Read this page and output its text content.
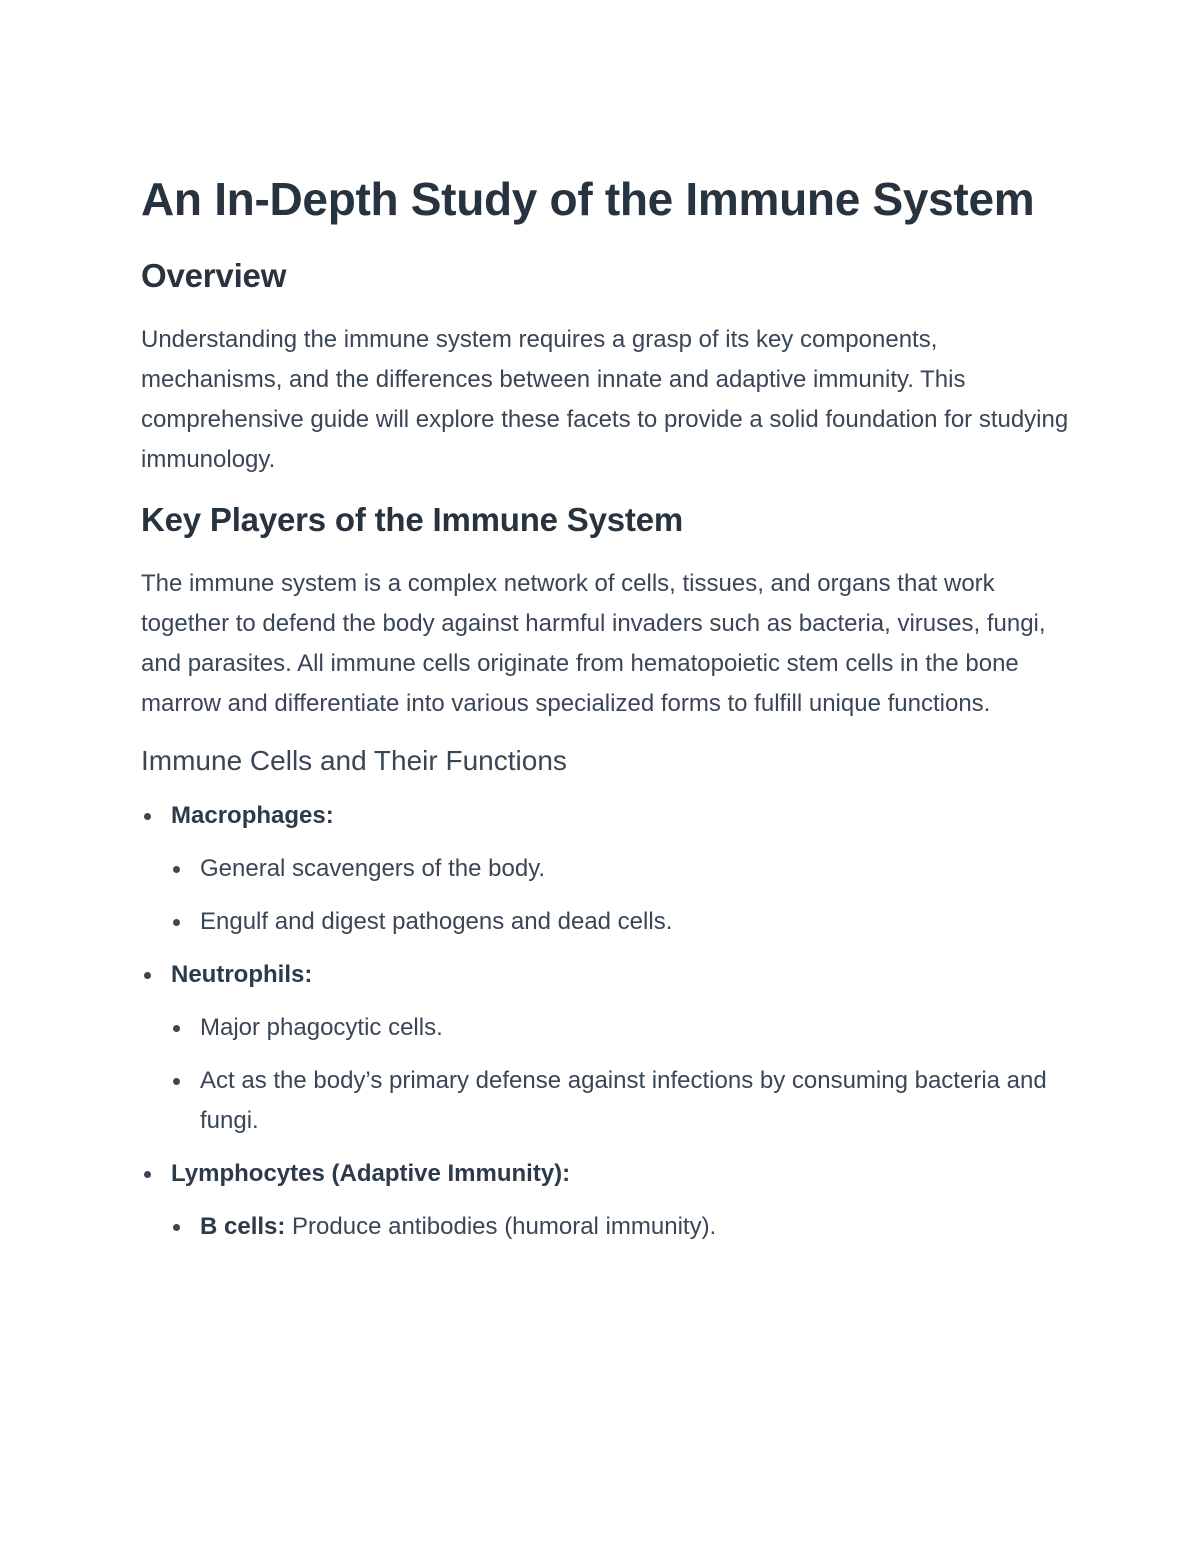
An In-Depth Study of the Immune System
Overview

Understanding the immune system requires a grasp of its key components, mechanisms, and the differences between innate and adaptive immunity. This comprehensive guide will explore these facets to provide a solid foundation for studying immunology.

Key Players of the Immune System

The immune system is a complex network of cells, tissues, and organs that work together to defend the body against harmful invaders such as bacteria, viruses, fungi, and parasites. All immune cells originate from hematopoietic stem cells in the bone marrow and differentiate into various specialized forms to fulfill unique functions.

Immune Cells and Their Functions
Macrophages:
General scavengers of the body.
Engulf and digest pathogens and dead cells.
Neutrophils:
Major phagocytic cells.
Act as the body’s primary defense against infections by consuming bacteria and fungi.
Lymphocytes (Adaptive Immunity):
B cells: Produce antibodies (humoral immunity).
